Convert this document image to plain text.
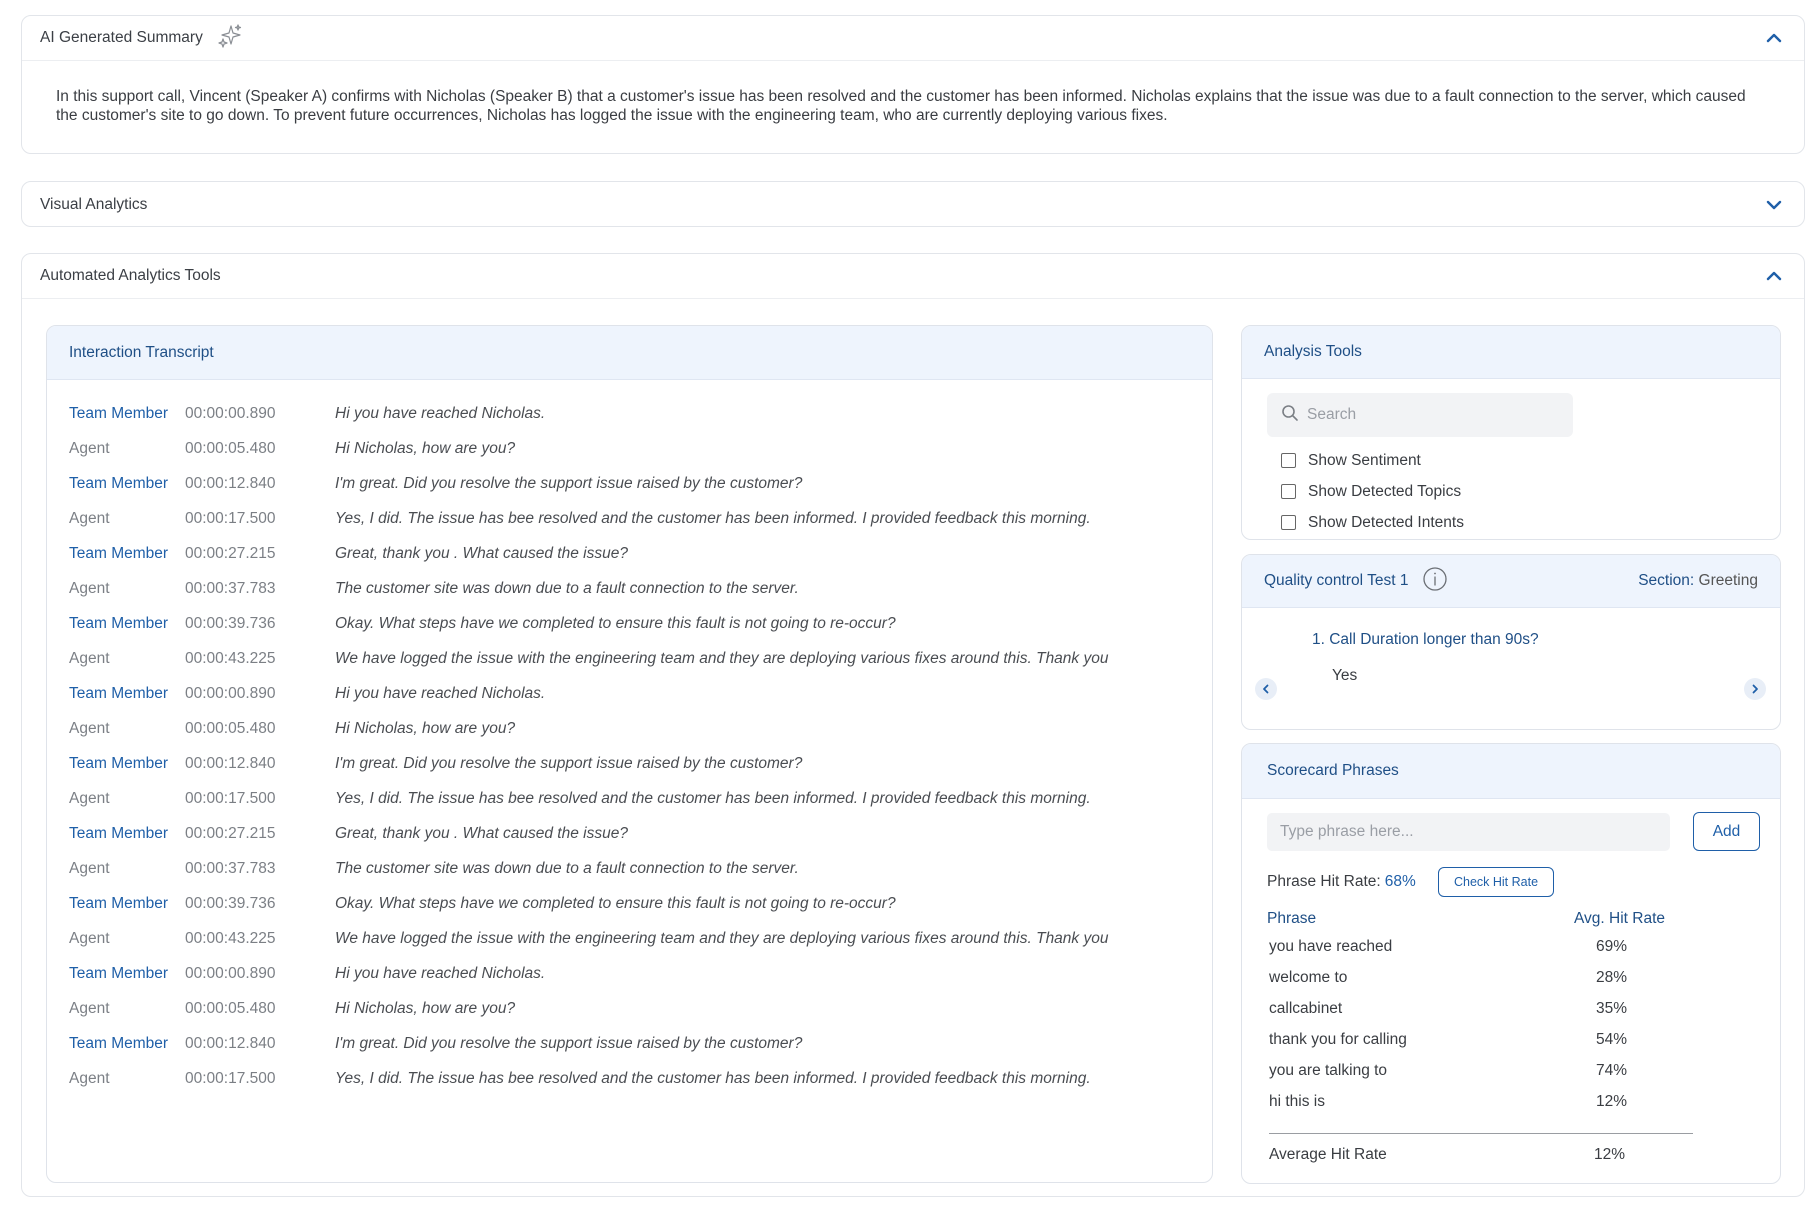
AI Generated Summary
In this support call, Vincent (Speaker A) confirms with Nicholas (Speaker B) that a customer's issue has been resolved and the customer has been informed. Nicholas explains that the issue was due to a fault connection to the server, which caused the customer's site to go down. To prevent future occurrences, Nicholas has logged the issue with the engineering team, who are currently deploying various fixes.
Visual Analytics
Automated Analytics Tools
Interaction Transcript
Team Member	00:00:00.890	Hi you have reached Nicholas.
Agent	00:00:05.480	Hi Nicholas, how are you?
Team Member	00:00:12.840	I'm great. Did you resolve the support issue raised by the customer?
Agent	00:00:17.500	Yes, I did. The issue has bee resolved and the customer has been informed. I provided feedback this morning.
Team Member	00:00:27.215	Great, thank you . What caused the issue?
Agent	00:00:37.783	The customer site was down due to a fault connection to the server.
Team Member	00:00:39.736	Okay. What steps have we completed to ensure this fault is not going to re-occur?
Agent	00:00:43.225	We have logged the issue with the engineering team and they are deploying various fixes around this. Thank you
Team Member	00:00:00.890	Hi you have reached Nicholas.
Agent	00:00:05.480	Hi Nicholas, how are you?
Team Member	00:00:12.840	I'm great. Did you resolve the support issue raised by the customer?
Agent	00:00:17.500	Yes, I did. The issue has bee resolved and the customer has been informed. I provided feedback this morning.
Team Member	00:00:27.215	Great, thank you . What caused the issue?
Agent	00:00:37.783	The customer site was down due to a fault connection to the server.
Team Member	00:00:39.736	Okay. What steps have we completed to ensure this fault is not going to re-occur?
Agent	00:00:43.225	We have logged the issue with the engineering team and they are deploying various fixes around this. Thank you
Team Member	00:00:00.890	Hi you have reached Nicholas.
Agent	00:00:05.480	Hi Nicholas, how are you?
Team Member	00:00:12.840	I'm great. Did you resolve the support issue raised by the customer?
Agent	00:00:17.500	Yes, I did. The issue has bee resolved and the customer has been informed. I provided feedback this morning.
Analysis Tools
Search
Show Sentiment
Show Detected Topics
Show Detected Intents
Quality control Test 1	Section: Greeting
1. Call Duration longer than 90s?
Yes
Scorecard Phrases
Type phrase here...
Add
Phrase Hit Rate: 68%	Check Hit Rate
Phrase	Avg. Hit Rate
you have reached	69%
welcome to	28%
callcabinet	35%
thank you for calling	54%
you are talking to	74%
hi this is	12%
Average Hit Rate	12%
